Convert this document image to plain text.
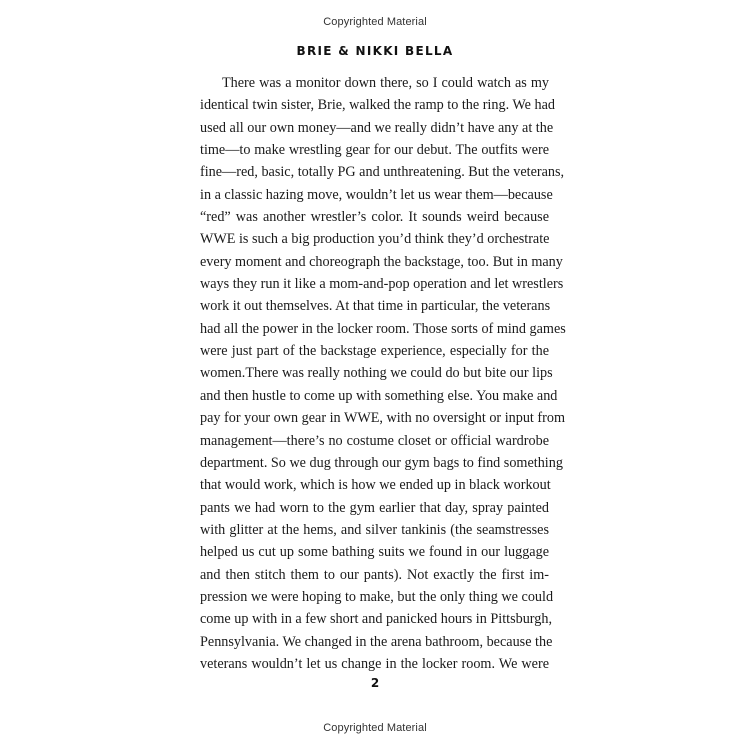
Copyrighted Material
BRIE & NIKKI BELLA
There was a monitor down there, so I could watch as my
identical twin sister, Brie, walked the ramp to the ring. We had
used all our own money—and we really didn’t have any at the
time—to make wrestling gear for our debut. The outfits were
fine—red, basic, totally PG and unthreatening. But the veterans,
in a classic hazing move, wouldn’t let us wear them—because
“red” was another wrestler’s color. It sounds weird because
WWE is such a big production you’d think they’d orchestrate
every moment and choreograph the backstage, too. But in many
ways they run it like a mom-and-pop operation and let wrestlers
work it out themselves. At that time in particular, the veterans
had all the power in the locker room. Those sorts of mind games
were just part of the backstage experience, especially for the
women.There was really nothing we could do but bite our lips
and then hustle to come up with something else. You make and
pay for your own gear in WWE, with no oversight or input from
management—there’s no costume closet or official wardrobe
department. So we dug through our gym bags to find something
that would work, which is how we ended up in black workout
pants we had worn to the gym earlier that day, spray painted
with glitter at the hems, and silver tankinis (the seamstresses
helped us cut up some bathing suits we found in our luggage
and then stitch them to our pants). Not exactly the first im-
pression we were hoping to make, but the only thing we could
come up with in a few short and panicked hours in Pittsburgh,
Pennsylvania. We changed in the arena bathroom, because the
veterans wouldn’t let us change in the locker room. We were
2
Copyrighted Material
